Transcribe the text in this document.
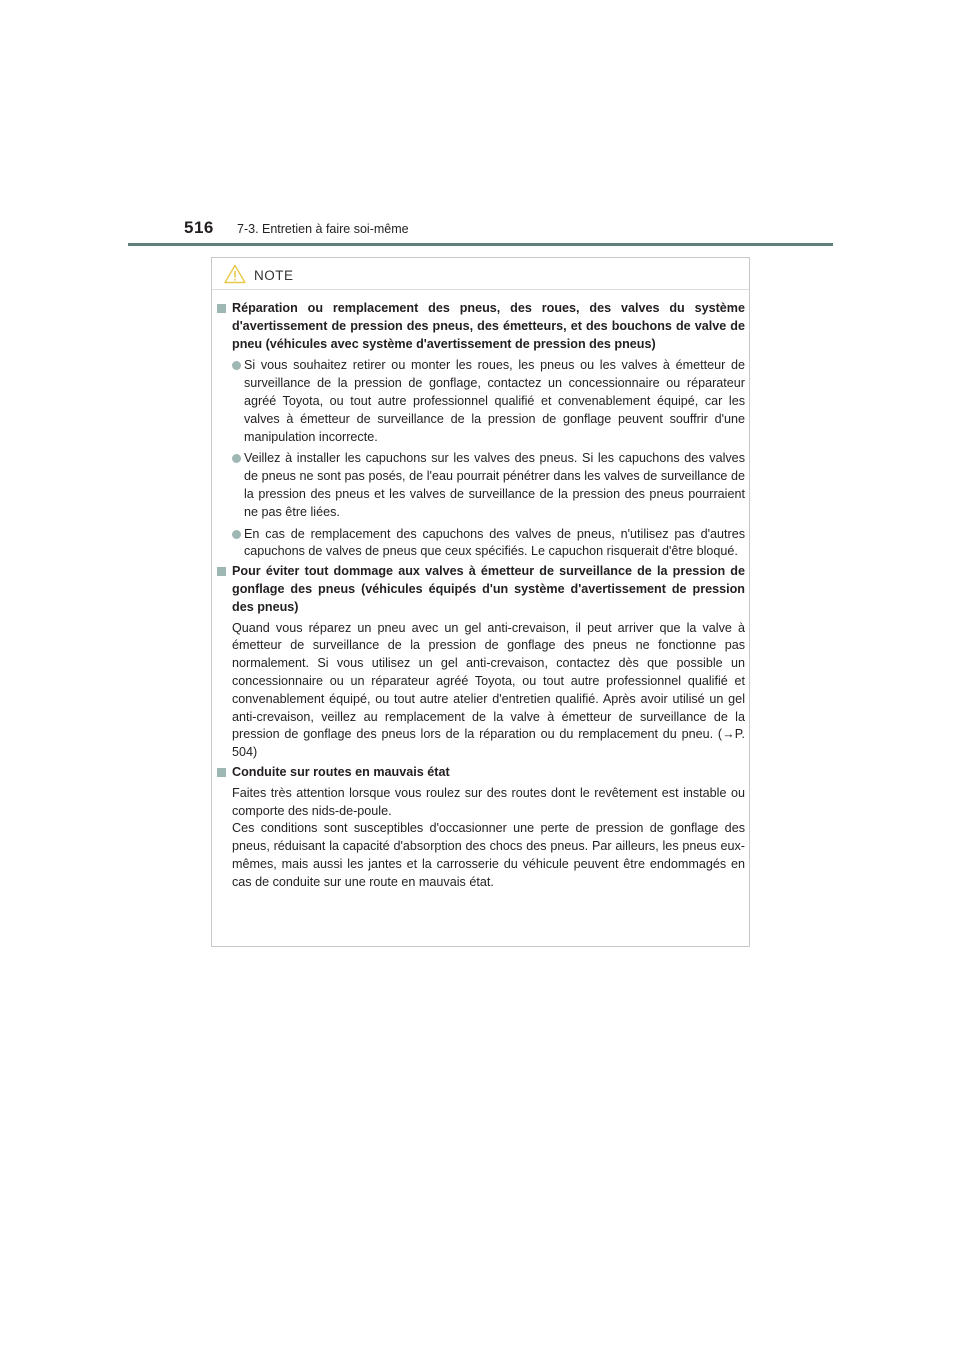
516 7-3. Entretien à faire soi-même
NOTE
Réparation ou remplacement des pneus, des roues, des valves du système d'avertissement de pression des pneus, des émetteurs, et des bouchons de valve de pneu (véhicules avec système d'avertissement de pression des pneus)
Si vous souhaitez retirer ou monter les roues, les pneus ou les valves à émetteur de surveillance de la pression de gonflage, contactez un concessionnaire ou réparateur agréé Toyota, ou tout autre professionnel qualifié et convenablement équipé, car les valves à émetteur de surveillance de la pression de gonflage peuvent souffrir d'une manipulation incorrecte.
Veillez à installer les capuchons sur les valves des pneus. Si les capuchons des valves de pneus ne sont pas posés, de l'eau pourrait pénétrer dans les valves de surveillance de la pression des pneus et les valves de surveillance de la pression des pneus pourraient ne pas être liées.
En cas de remplacement des capuchons des valves de pneus, n'utilisez pas d'autres capuchons de valves de pneus que ceux spécifiés. Le capuchon risquerait d'être bloqué.
Pour éviter tout dommage aux valves à émetteur de surveillance de la pression de gonflage des pneus (véhicules équipés d'un système d'avertissement de pression des pneus)
Quand vous réparez un pneu avec un gel anti-crevaison, il peut arriver que la valve à émetteur de surveillance de la pression de gonflage des pneus ne fonctionne pas normalement. Si vous utilisez un gel anti-crevaison, contactez dès que possible un concessionnaire ou un réparateur agréé Toyota, ou tout autre professionnel qualifié et convenablement équipé, ou tout autre atelier d'entretien qualifié. Après avoir utilisé un gel anti-crevaison, veillez au remplacement de la valve à émetteur de surveillance de la pression de gonflage des pneus lors de la réparation ou du remplacement du pneu. (→P. 504)
Conduite sur routes en mauvais état
Faites très attention lorsque vous roulez sur des routes dont le revêtement est instable ou comporte des nids-de-poule.
Ces conditions sont susceptibles d'occasionner une perte de pression de gonflage des pneus, réduisant la capacité d'absorption des chocs des pneus. Par ailleurs, les pneus eux-mêmes, mais aussi les jantes et la carrosserie du véhicule peuvent être endommagés en cas de conduite sur une route en mauvais état.
